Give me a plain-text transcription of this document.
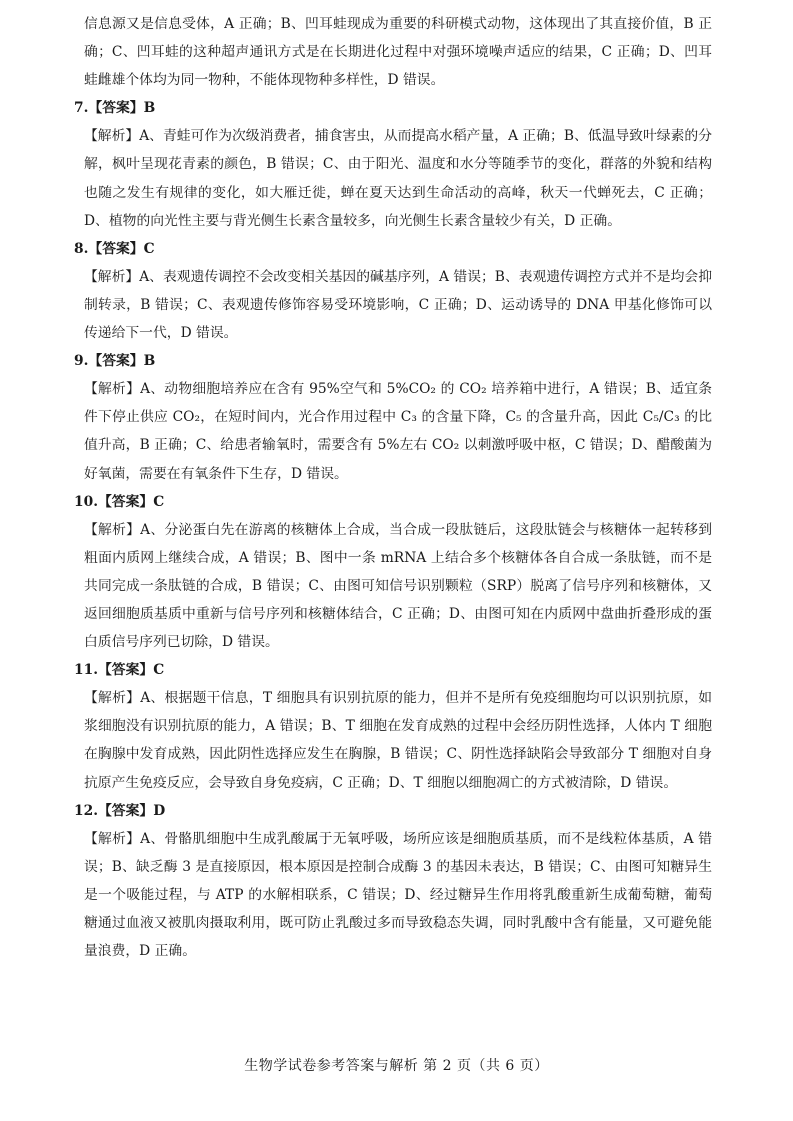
信息源又是信息受体，A 正确；B、凹耳蛙现成为重要的科研模式动物，这体现出了其直接价值，B 正确；C、凹耳蛙的这种超声通讯方式是在长期进化过程中对强环境噪声适应的结果，C 正确；D、凹耳蛙雌雄个体均为同一物种，不能体现物种多样性，D 错误。

7.【答案】B

【解析】A、青蛙可作为次级消费者，捕食害虫，从而提高水稻产量，A 正确；B、低温导致叶绿素的分解，枫叶呈现花青素的颜色，B 错误；C、由于阳光、温度和水分等随季节的变化，群落的外貌和结构也随之发生有规律的变化，如大雁迁徙，蝉在夏天达到生命活动的高峰，秋天一代蝉死去，C 正确；D、植物的向光性主要与背光侧生长素含量较多，向光侧生长素含量较少有关，D 正确。

8.【答案】C

【解析】A、表观遗传调控不会改变相关基因的碱基序列，A 错误；B、表观遗传调控方式并不是均会抑制转录，B 错误；C、表观遗传修饰容易受环境影响，C 正确；D、运动诱导的 DNA 甲基化修饰可以传递给下一代，D 错误。

9.【答案】B

【解析】A、动物细胞培养应在含有 95%空气和 5%CO₂ 的 CO₂ 培养箱中进行，A 错误；B、适宜条件下停止供应 CO₂，在短时间内，光合作用过程中 C₃ 的含量下降，C₅ 的含量升高，因此 C₅/C₃ 的比值升高，B 正确；C、给患者输氧时，需要含有 5%左右 CO₂ 以刺激呼吸中枢，C 错误；D、醋酸菌为好氧菌，需要在有氧条件下生存，D 错误。

10.【答案】C

【解析】A、分泌蛋白先在游离的核糖体上合成，当合成一段肽链后，这段肽链会与核糖体一起转移到粗面内质网上继续合成，A 错误；B、图中一条 mRNA 上结合多个核糖体各自合成一条肽链，而不是共同完成一条肽链的合成，B 错误；C、由图可知信号识别颗粒（SRP）脱离了信号序列和核糖体，又返回细胞质基质中重新与信号序列和核糖体结合，C 正确；D、由图可知在内质网中盘曲折叠形成的蛋白质信号序列已切除，D 错误。

11.【答案】C

【解析】A、根据题干信息，T 细胞具有识别抗原的能力，但并不是所有免疫细胞均可以识别抗原，如浆细胞没有识别抗原的能力，A 错误；B、T 细胞在发育成熟的过程中会经历阴性选择，人体内 T 细胞在胸腺中发育成熟，因此阴性选择应发生在胸腺，B 错误；C、阴性选择缺陷会导致部分 T 细胞对自身抗原产生免疫反应，会导致自身免疫病，C 正确；D、T 细胞以细胞凋亡的方式被清除，D 错误。

12.【答案】D

【解析】A、骨骼肌细胞中生成乳酸属于无氧呼吸，场所应该是细胞质基质，而不是线粒体基质，A 错误；B、缺乏酶 3 是直接原因，根本原因是控制合成酶 3 的基因未表达，B 错误；C、由图可知糖异生是一个吸能过程，与 ATP 的水解相联系，C 错误；D、经过糖异生作用将乳酸重新生成葡萄糖，葡萄糖通过血液又被肌肉摄取利用，既可防止乳酸过多而导致稳态失调，同时乳酸中含有能量，又可避免能量浪费，D 正确。

生物学试卷参考答案与解析 第 2 页（共 6 页）
